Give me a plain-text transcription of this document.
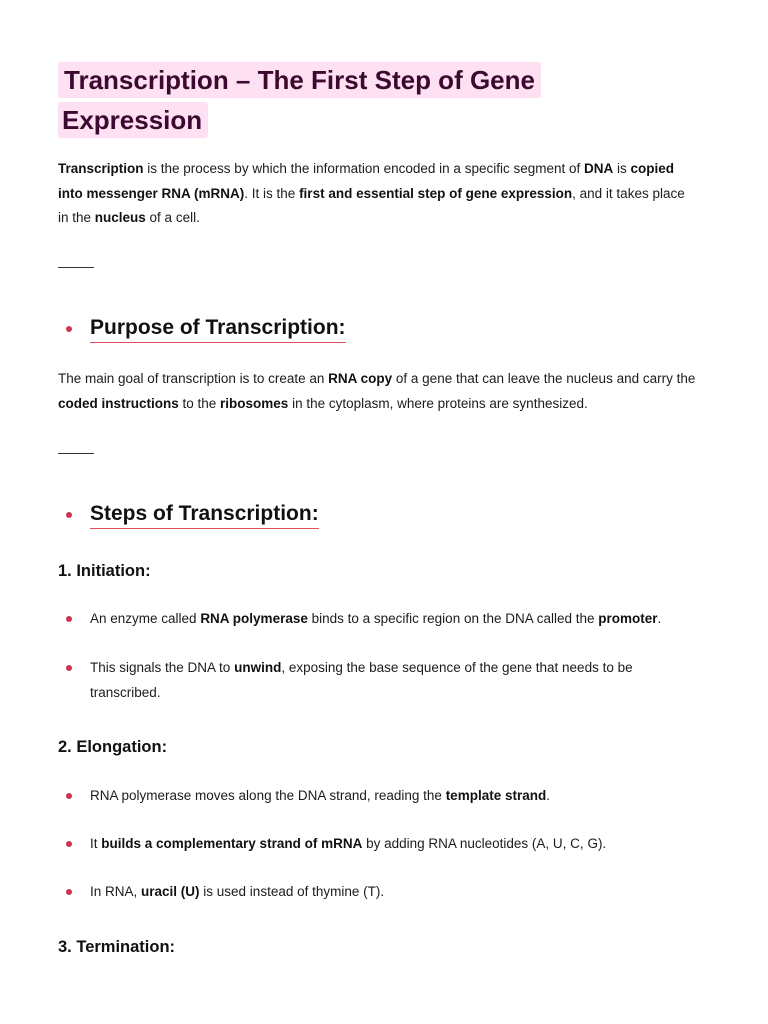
Transcription – The First Step of Gene
Expression

Transcription is the process by which the information encoded in a specific segment of DNA is copied into messenger RNA (mRNA). It is the first and essential step of gene expression, and it takes place in the nucleus of a cell.

Purpose of Transcription:

The main goal of transcription is to create an RNA copy of a gene that can leave the nucleus and carry the coded instructions to the ribosomes in the cytoplasm, where proteins are synthesized.

Steps of Transcription:
1. Initiation:
An enzyme called RNA polymerase binds to a specific region on the DNA called the promoter.
This signals the DNA to unwind, exposing the base sequence of the gene that needs to be transcribed.
2. Elongation:
RNA polymerase moves along the DNA strand, reading the template strand.
It builds a complementary strand of mRNA by adding RNA nucleotides (A, U, C, G).
In RNA, uracil (U) is used instead of thymine (T).
3. Termination:
